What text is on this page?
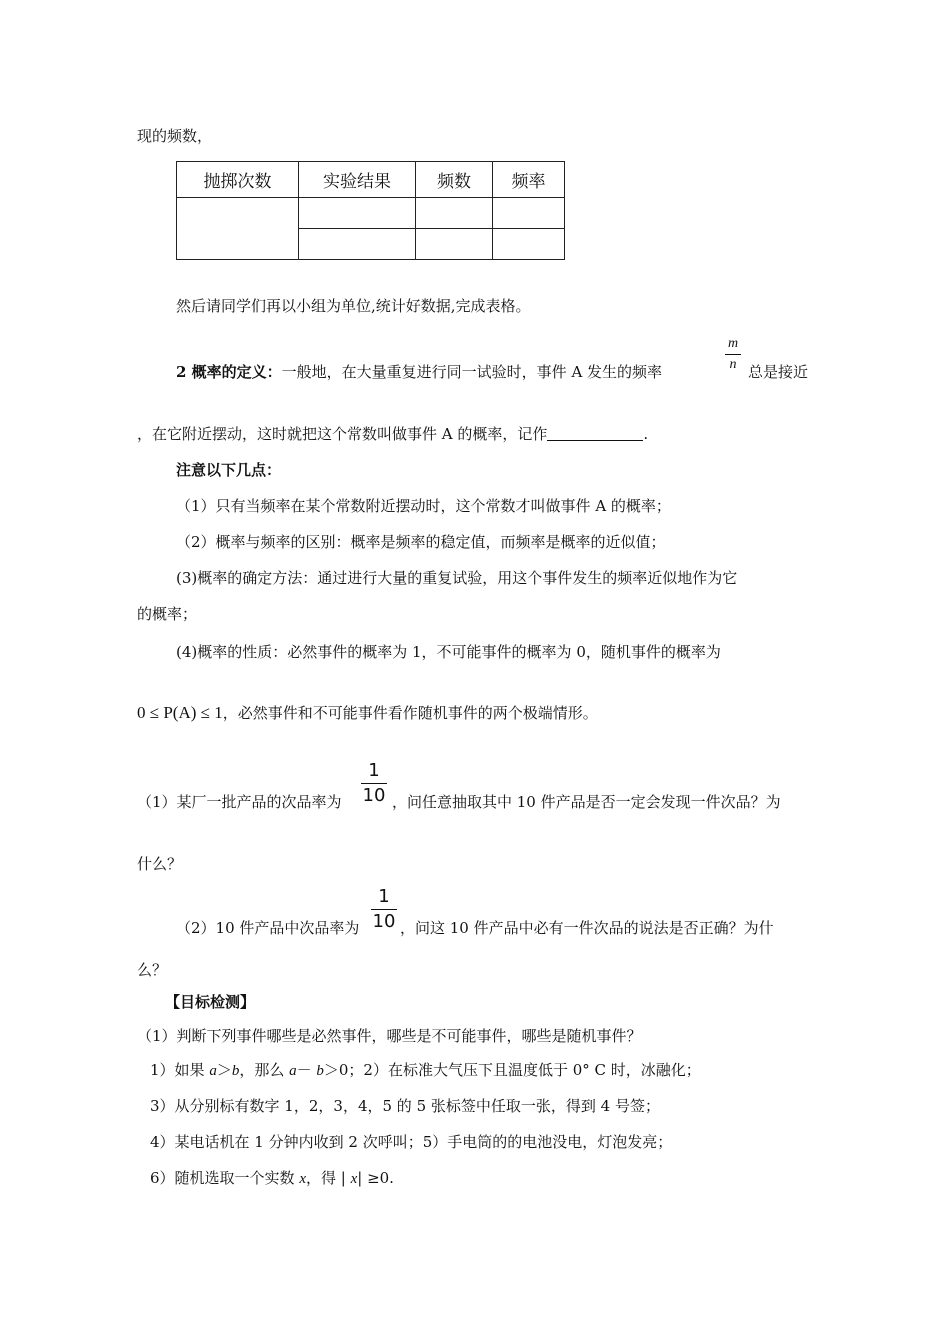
现的频数，
抛掷次数	实验结果	频数	频率

然后请同学们再以小组为单位,统计好数据,完成表格。
2 概率的定义：一般地，在大量重复进行同一试验时，事件 A 发生的频率
m
n 总是接近
，在它附近摆动，这时就把这个常数叫做事件 A 的概率，记作	.
注意以下几点：
（1）只有当频率在某个常数附近摆动时，这个常数才叫做事件 A 的概率；
（2）概率与频率的区别：概率是频率的稳定值，而频率是概率的近似值；
(3)概率的确定方法：通过进行大量的重复试验，用这个事件发生的频率近似地作为它
的概率；
(4)概率的性质：必然事件的概率为 1，不可能事件的概率为 0，随机事件的概率为
0 ≤ P(A) ≤ 1，必然事件和不可能事件看作随机事件的两个极端情形。
（1）某厂一批产品的次品率为
1
10 ，问任意抽取其中 10 件产品是否一定会发现一件次品？为
什么？
（2）10 件产品中次品率为
1
10 ，问这 10 件产品中必有一件次品的说法是否正确？为什
么？
【目标检测】
（1）判断下列事件哪些是必然事件，哪些是不可能事件，哪些是随机事件？
1）如果 a＞b，那么 a－ b＞0；2）在标准大气压下且温度低于 0° C 时，冰融化；
3）从分别标有数字 1，2，3，4，5 的 5 张标签中任取一张，得到 4 号签；
4）某电话机在 1 分钟内收到 2 次呼叫；5）手电筒的的电池没电，灯泡发亮；
6）随机选取一个实数 x，得 | x| ≥0.
